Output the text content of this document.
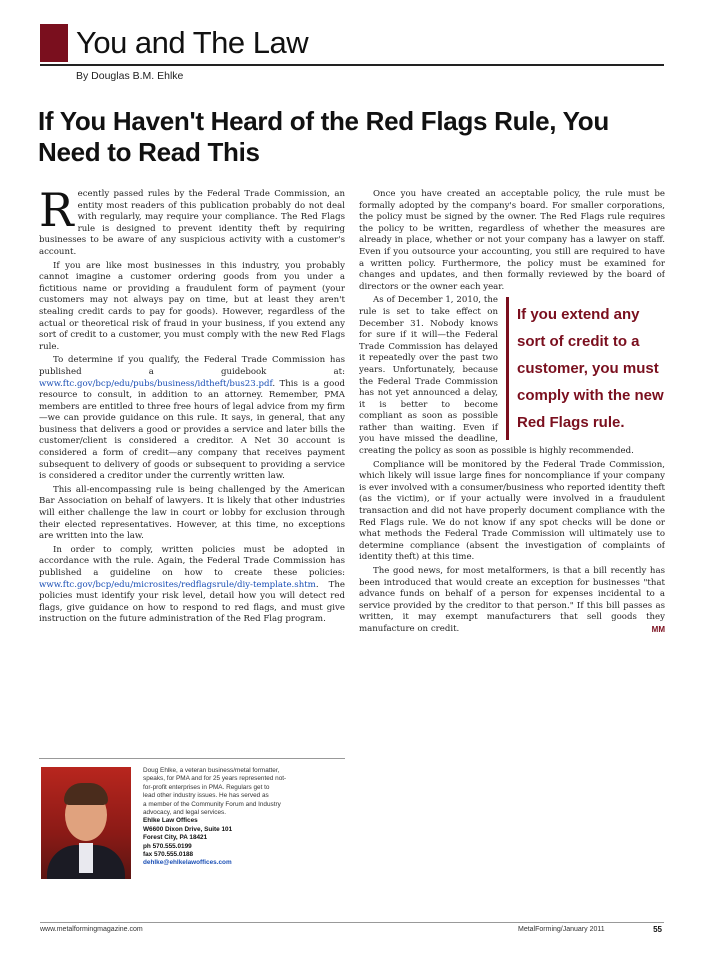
You and The Law
By Douglas B.M. Ehlke
If You Haven't Heard of the Red Flags Rule, You Need to Read This

Recently passed rules by the Federal Trade Commission, an entity most readers of this publication probably do not deal with regularly, may require your compliance. The Red Flags rule is designed to prevent identity theft by requiring businesses to be aware of any suspicious activity with a customer's account.

If you are like most businesses in this industry, you probably cannot imagine a customer ordering goods from you under a fictitious name or providing a fraudulent form of payment (your customers may not always pay on time, but at least they aren't stealing credit cards to pay for goods). However, regardless of the actual or theoretical risk of fraud in your business, if you extend any sort of credit to a customer, you must comply with the new Red Flags rule.

To determine if you qualify, the Federal Trade Commission has published a guidebook at: www.ftc.gov/bcp/edu/pubs/business/idtheft/bus23.pdf. This is a good resource to consult, in addition to an attorney. Remember, PMA members are entitled to three free hours of legal advice from my firm—we can provide guidance on this rule. It says, in general, that any business that delivers a good or provides a service and later bills the customer/client is considered a creditor. A Net 30 account is considered a form of credit—any company that receives payment subsequent to delivery of goods or subsequent to providing a service is considered a creditor under the currently written law.

This all-encompassing rule is being challenged by the American Bar Association on behalf of lawyers. It is likely that other industries will either challenge the law in court or lobby for exclusion through their elected representatives. However, at this time, no exceptions are written into the law.

In order to comply, written policies must be adopted in accordance with the rule. Again, the Federal Trade Commission has published a guideline on how to create these policies: www.ftc.gov/bcp/edu/microsites/redflagsrule/diy-template.shtm. The policies must identify your risk level, detail how you will detect red flags, give guidance on how to respond to red flags, and must give instruction on the future administration of the Red Flag program.

Once you have created an acceptable policy, the rule must be formally adopted by the company's board. For smaller corporations, the policy must be signed by the owner. The Red Flags rule requires the policy to be written, regardless of whether the measures are already in place, whether or not your company has a lawyer on staff. Even if you outsource your accounting, you still are required to have a written policy. Furthermore, the policy must be examined for changes and updates, and then formally reviewed by the board of directors or the owner each year.

If you extend any sort of credit to a customer, you must comply with the new Red Flags rule.
As of December 1, 2010, the rule is set to take effect on December 31. Nobody knows for sure if it will—the Federal Trade Commission has delayed it repeatedly over the past two years. Unfortunately, because the Federal Trade Commission has not yet announced a delay, it is better to become compliant as soon as possible rather than waiting. Even if you have missed the deadline, creating the policy as soon as possible is highly recommended.

Compliance will be monitored by the Federal Trade Commission, which likely will issue large fines for noncompliance if your company is ever involved with a consumer/business who reported identity theft (as the victim), or if your actually were involved in a fraudulent transaction and did not have properly document compliance with the Red Flags rule. We do not know if any spot checks will be done or what methods the Federal Trade Commission will ultimately use to determine compliance (absent the investigation of complaints of identity theft) at this time.

The good news, for most metalformers, is that a bill recently has been introduced that would create an exception for businesses "that advance funds on behalf of a person for expenses incidental to a service provided by the creditor to that person." If this bill passes as written, it may exempt manufacturers that sell goods they manufacture on credit.	MM

Doug Ehlke, a veteran business/metal formatter,
speaks, for PMA and for 25 years represented not-
for-profit enterprises in PMA. Regulars get to
lead other industry issues. He has served as
a member of the Community Forum and Industry
advocacy, and legal services.
Ehlke Law Offices
W6600 Dixon Drive, Suite 101
Forest City, PA 18421
ph 570.555.0199
fax 570.555.0188
dehlke@ehlkelawoffices.com
www.metalformingmagazine.com	MetalForming/January 2011	55
